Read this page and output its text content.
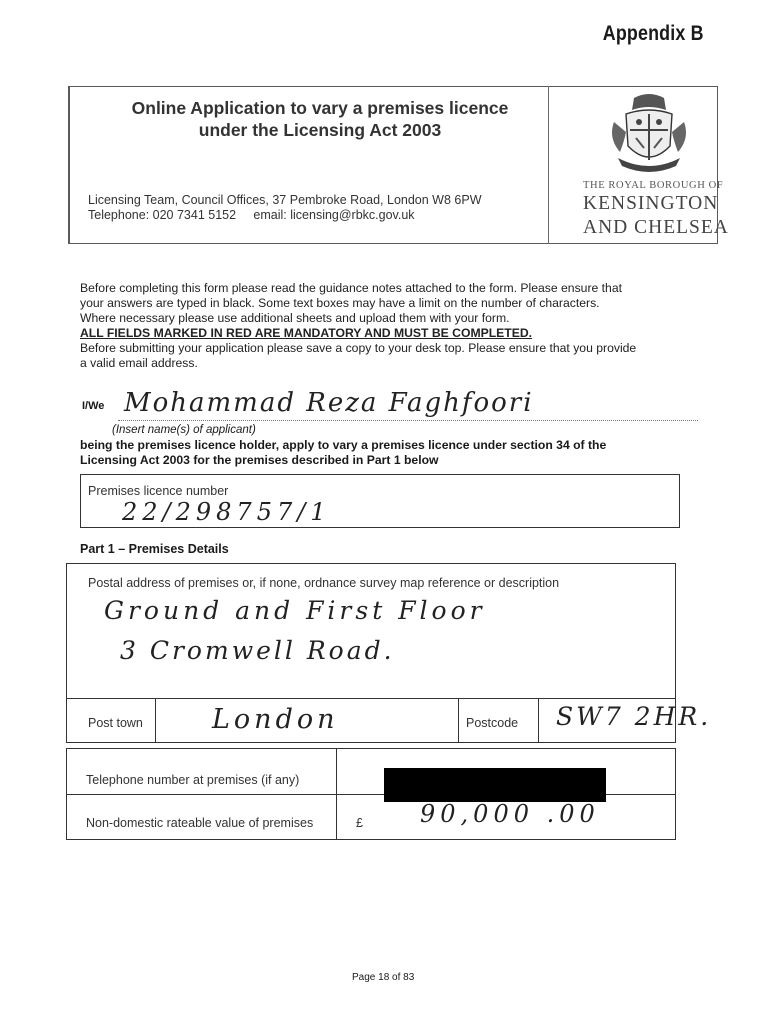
Appendix B
Online Application to vary a premises licence
under the Licensing Act 2003
Licensing Team, Council Offices, 37 Pembroke Road, London W8 6PW
Telephone: 020 7341 5152     email: licensing@rbkc.gov.uk
THE ROYAL BOROUGH OF
KENSINGTON
AND CHELSEA

Before completing this form please read the guidance notes attached to the form. Please ensure that

your answers are typed in black. Some text boxes may have a limit on the number of characters.

Where necessary please use additional sheets and upload them with your form.

ALL FIELDS MARKED IN RED ARE MANDATORY AND MUST BE COMPLETED.

Before submitting your application please save a copy to your desk top. Please ensure that you provide

a valid email address.

I/We Mohammad Reza Faghfoori
(Insert name(s) of applicant)
being the premises licence holder, apply to vary a premises licence under section 34 of the
Licensing Act 2003 for the premises described in Part 1 below
Premises licence number
22/298757/1
Part 1 – Premises Details
Postal address of premises or, if none, ordnance survey map reference or description
Ground and First Floor
3 Cromwell Road.
Post town	London	Postcode SW7 2HR.
Telephone number at premises (if any)
Non-domestic rateable value of premises	£ 90,000 .00
Page 18 of 83
